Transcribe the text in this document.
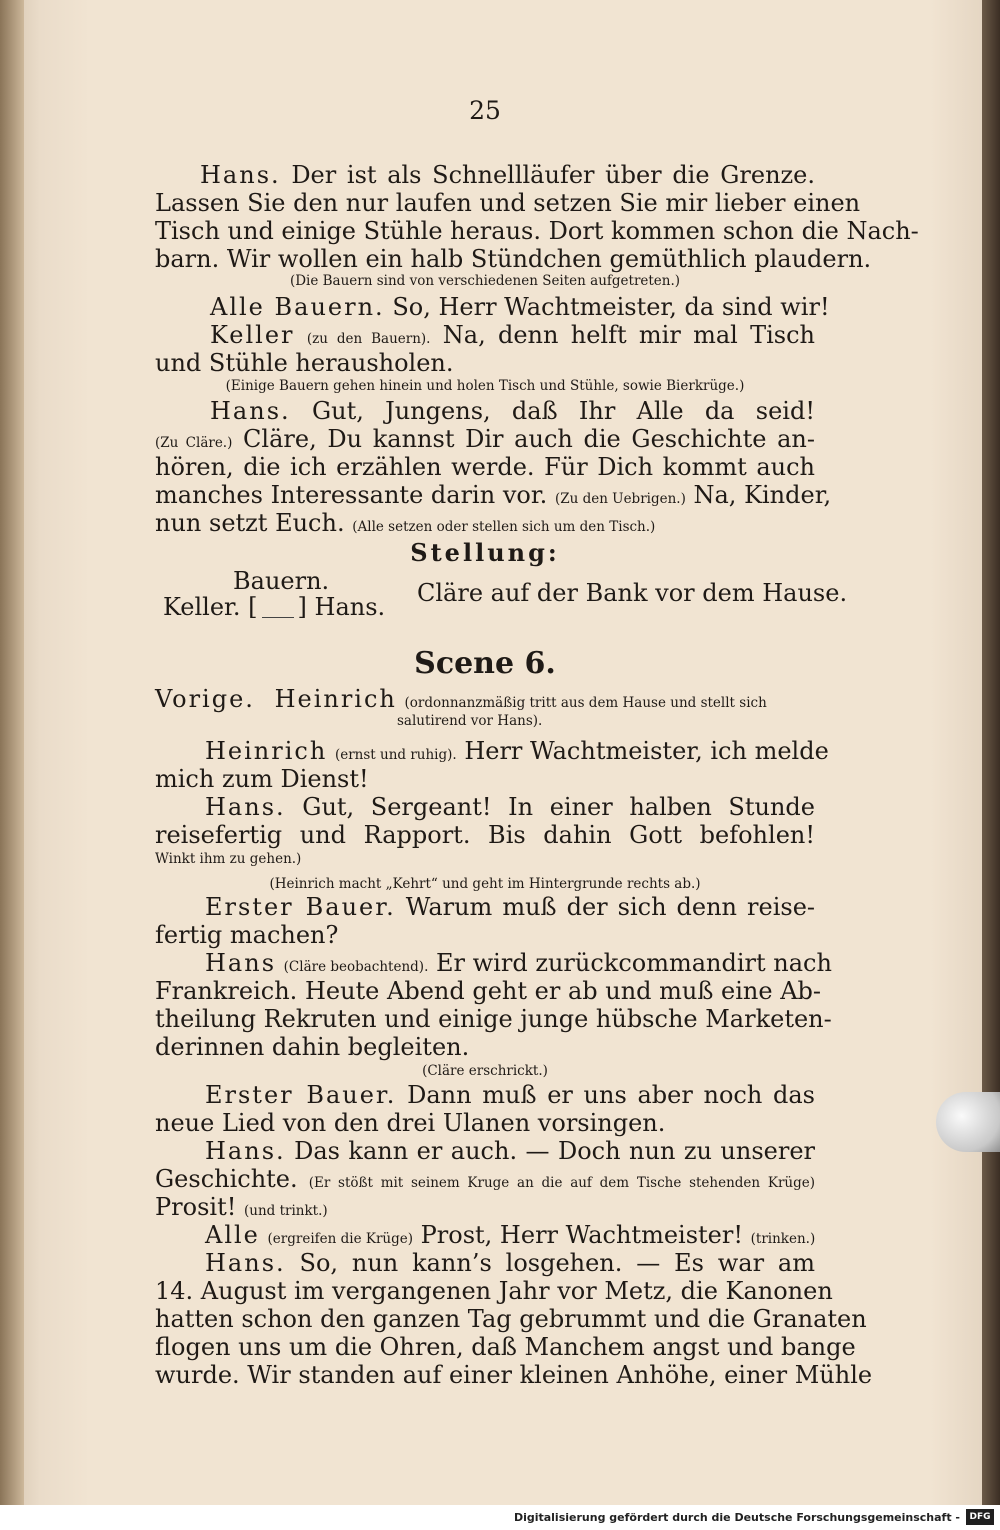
25
Hans. Der ist als Schnellläufer über die Grenze.
Lassen Sie den nur laufen und setzen Sie mir lieber einen
Tisch und einige Stühle heraus. Dort kommen schon die Nach-
barn. Wir wollen ein halb Stündchen gemüthlich plaudern.
(Die Bauern sind von verschiedenen Seiten aufgetreten.)
Alle Bauern. So, Herr Wachtmeister, da sind wir!
Keller (zu den Bauern). Na, denn helft mir mal Tisch
und Stühle herausholen.
(Einige Bauern gehen hinein und holen Tisch und Stühle, sowie Bierkrüge.)
Hans. Gut, Jungens, daß Ihr Alle da seid!
(Zu Cläre.) Cläre, Du kannst Dir auch die Geschichte an-
hören, die ich erzählen werde. Für Dich kommt auch
manches Interessante darin vor. (Zu den Uebrigen.) Na, Kinder,
nun setzt Euch. (Alle setzen oder stellen sich um den Tisch.)
Stellung:
Bauern.
Keller. [ ] Hans.	Cläre auf der Bank vor dem Hause.
Scene 6.
Vorige. Heinrich (ordonnanzmäßig tritt aus dem Hause und stellt sich
salutirend vor Hans).
Heinrich (ernst und ruhig). Herr Wachtmeister, ich melde
mich zum Dienst!
Hans. Gut, Sergeant! In einer halben Stunde
reisefertig und Rapport. Bis dahin Gott befohlen!
Winkt ihm zu gehen.)
(Heinrich macht „Kehrt“ und geht im Hintergrunde rechts ab.)
Erster Bauer. Warum muß der sich denn reise-
fertig machen?
Hans (Cläre beobachtend). Er wird zurückcommandirt nach
Frankreich. Heute Abend geht er ab und muß eine Ab-
theilung Rekruten und einige junge hübsche Marketen-
derinnen dahin begleiten.
(Cläre erschrickt.)
Erster Bauer. Dann muß er uns aber noch das
neue Lied von den drei Ulanen vorsingen.
Hans. Das kann er auch. — Doch nun zu unserer
Geschichte. (Er stößt mit seinem Kruge an die auf dem Tische stehenden Krüge)
Prosit! (und trinkt.)
Alle (ergreifen die Krüge) Prost, Herr Wachtmeister! (trinken.)
Hans. So, nun kann’s losgehen. — Es war am
14. August im vergangenen Jahr vor Metz, die Kanonen
hatten schon den ganzen Tag gebrummt und die Granaten
flogen uns um die Ohren, daß Manchem angst und bange
wurde. Wir standen auf einer kleinen Anhöhe, einer Mühle
Digitalisierung gefördert durch die Deutsche Forschungsgemeinschaft -	DFG
